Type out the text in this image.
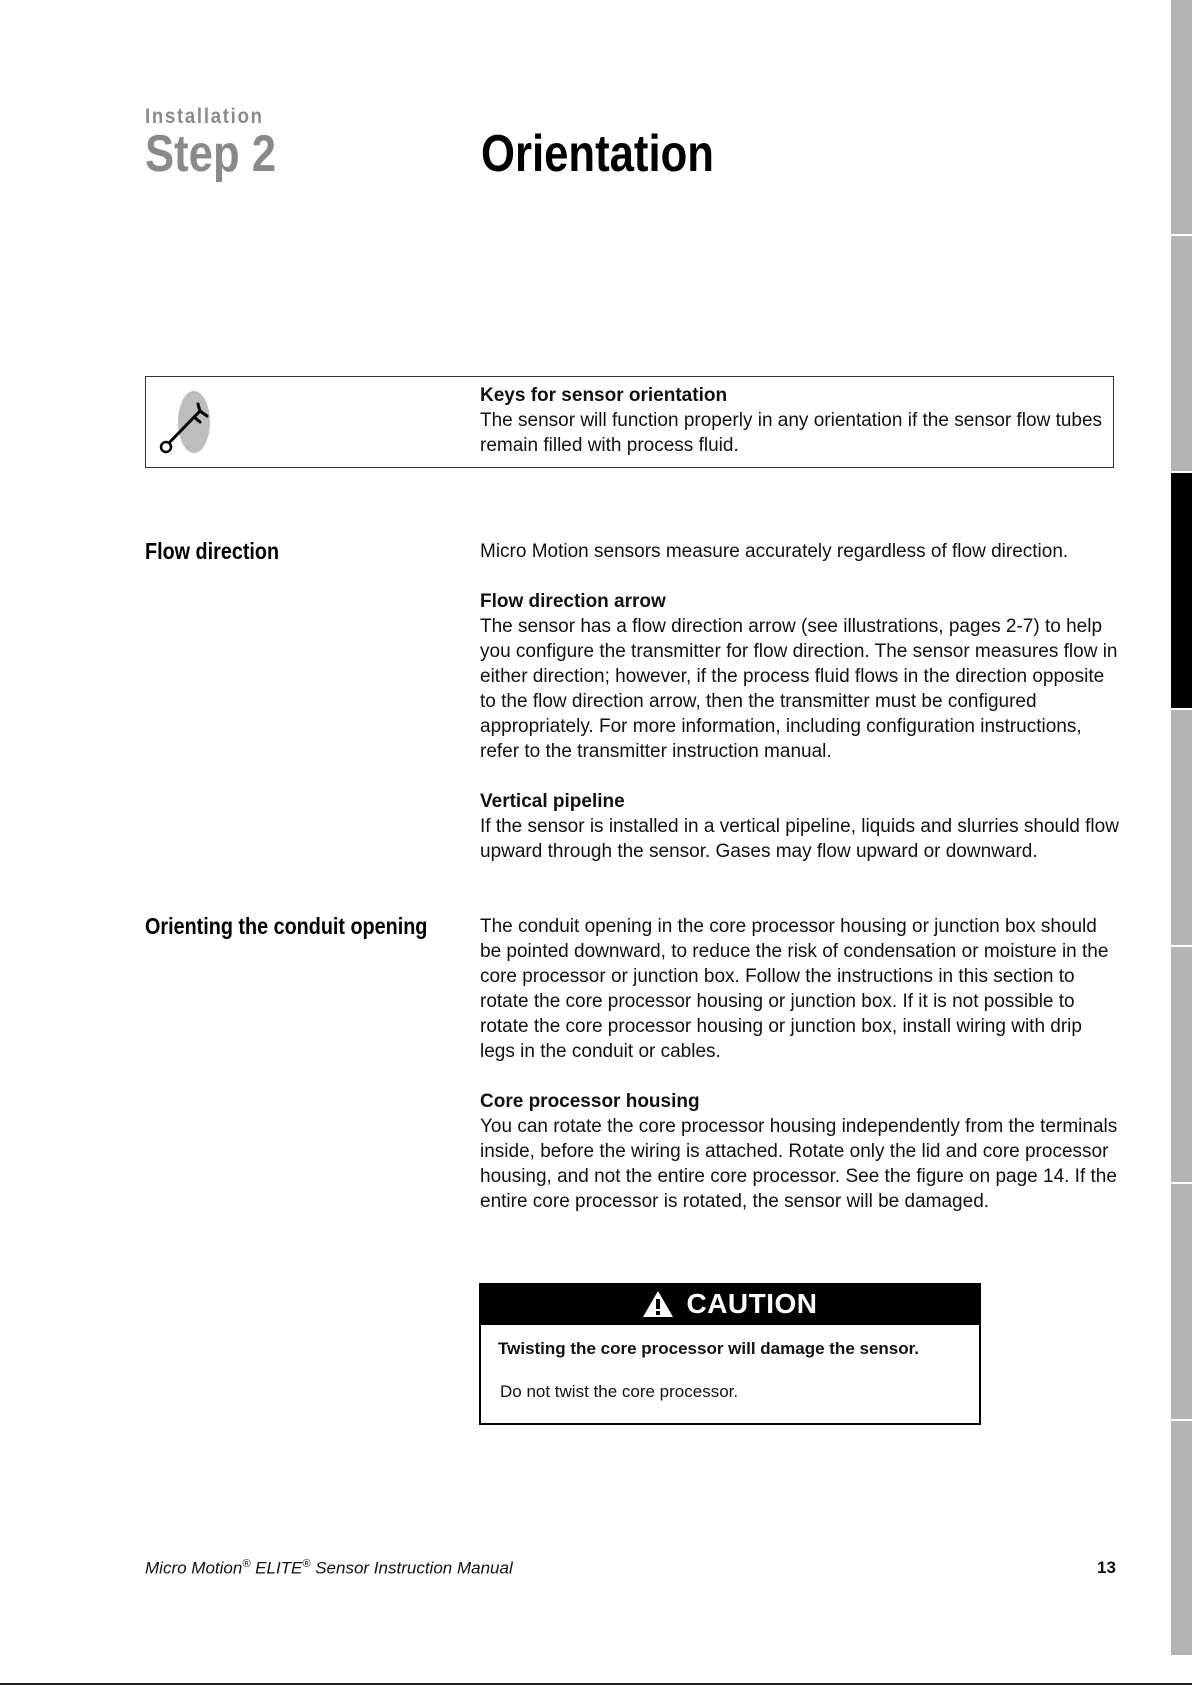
Installation
Step 2	Orientation
Keys for sensor orientation
The sensor will function properly in any orientation if the sensor flow tubes remain filled with process fluid.
Flow direction	Micro Motion sensors measure accurately regardless of flow direction.

Flow direction arrow

The sensor has a flow direction arrow (see illustrations, pages 2-7) to help you configure the transmitter for flow direction. The sensor measures flow in either direction; however, if the process fluid flows in the direction opposite to the flow direction arrow, then the transmitter must be configured appropriately. For more information, including configuration instructions, refer to the transmitter instruction manual.

Vertical pipeline

If the sensor is installed in a vertical pipeline, liquids and slurries should flow upward through the sensor. Gases may flow upward or downward.

Orienting the conduit opening	The conduit opening in the core processor housing or junction box should be pointed downward, to reduce the risk of condensation or moisture in the core processor or junction box. Follow the instructions in this section to rotate the core processor housing or junction box. If it is not possible to rotate the core processor housing or junction box, install wiring with drip legs in the conduit or cables.

Core processor housing

You can rotate the core processor housing independently from the terminals inside, before the wiring is attached. Rotate only the lid and core processor housing, and not the entire core processor. See the figure on page 14. If the entire core processor is rotated, the sensor will be damaged.

CAUTION
Twisting the core processor will damage the sensor.
Do not twist the core processor.
Micro Motion® ELITE® Sensor Instruction Manual	13
